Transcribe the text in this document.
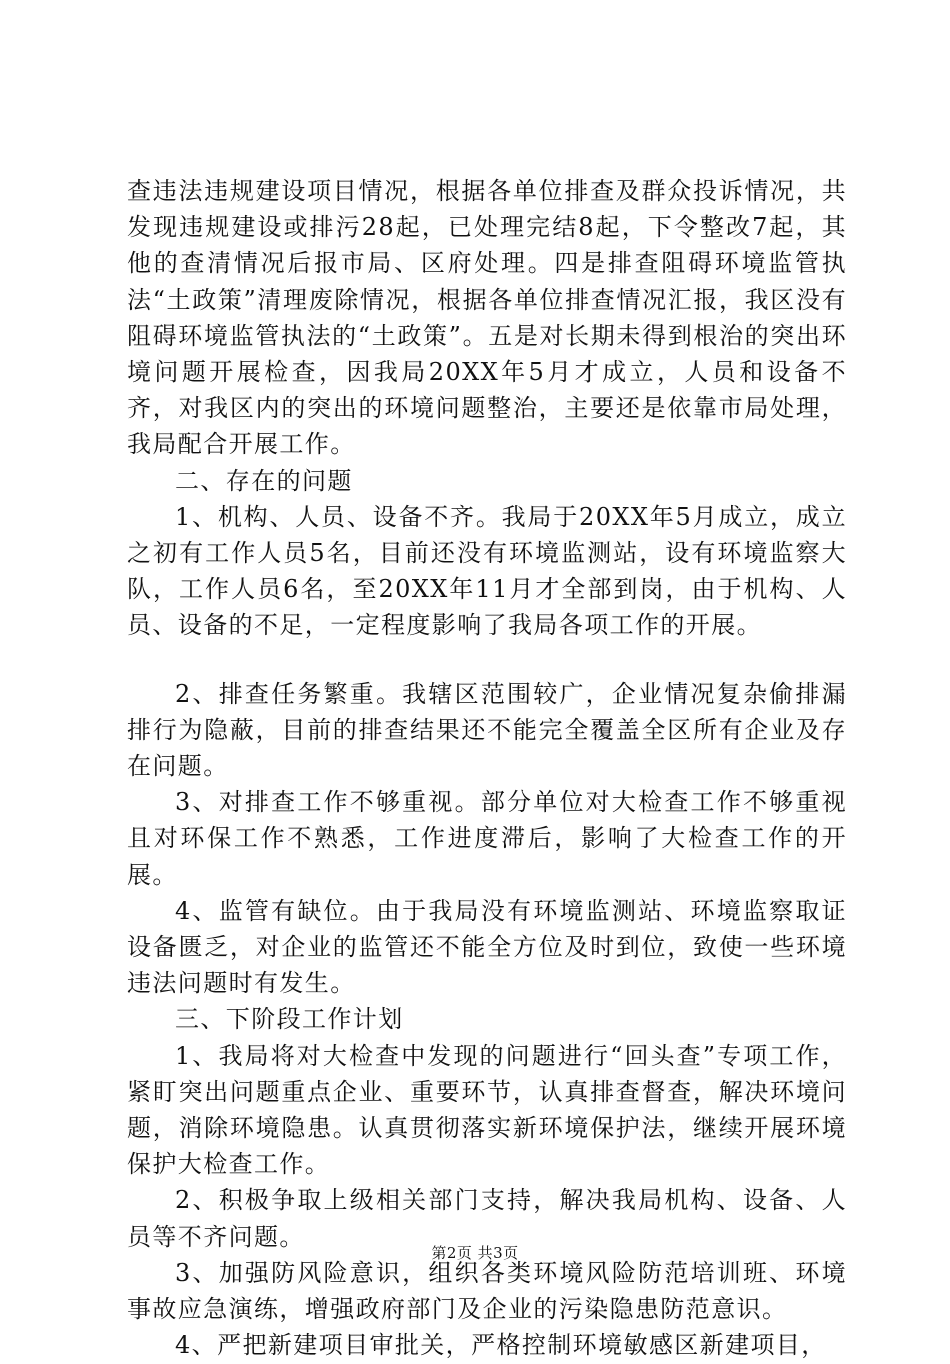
查违法违规建设项目情况，根据各单位排查及群众投诉情况，共发现违规建设或排污28起，已处理完结8起，下令整改7起，其他的查清情况后报市局、区府处理。四是排查阻碍环境监管执法“土政策”清理废除情况，根据各单位排查情况汇报，我区没有阻碍环境监管执法的“土政策”。五是对长期未得到根治的突出环境问题开展检查，因我局20XX年5月才成立，人员和设备不齐，对我区内的突出的环境问题整治，主要还是依靠市局处理，我局配合开展工作。

二、存在的问题

1、机构、人员、设备不齐。我局于20XX年5月成立，成立之初有工作人员5名，目前还没有环境监测站，设有环境监察大队，工作人员6名，至20XX年11月才全部到岗，由于机构、人员、设备的不足，一定程度影响了我局各项工作的开展。

2、排查任务繁重。我辖区范围较广，企业情况复杂偷排漏排行为隐蔽，目前的排查结果还不能完全覆盖全区所有企业及存在问题。

3、对排查工作不够重视。部分单位对大检查工作不够重视且对环保工作不熟悉，工作进度滞后，影响了大检查工作的开展。

4、监管有缺位。由于我局没有环境监测站、环境监察取证设备匮乏，对企业的监管还不能全方位及时到位，致使一些环境违法问题时有发生。

三、下阶段工作计划

1、我局将对大检查中发现的问题进行“回头查”专项工作，紧盯突出问题重点企业、重要环节，认真排查督查，解决环境问题，消除环境隐患。认真贯彻落实新环境保护法，继续开展环境保护大检查工作。

2、积极争取上级相关部门支持，解决我局机构、设备、人员等不齐问题。

3、加强防风险意识，组织各类环境风险防范培训班、环境事故应急演练，增强政府部门及企业的污染隐患防范意识。

4、严把新建项目审批关，严格控制环境敏感区新建项目，

第2页 共3页
